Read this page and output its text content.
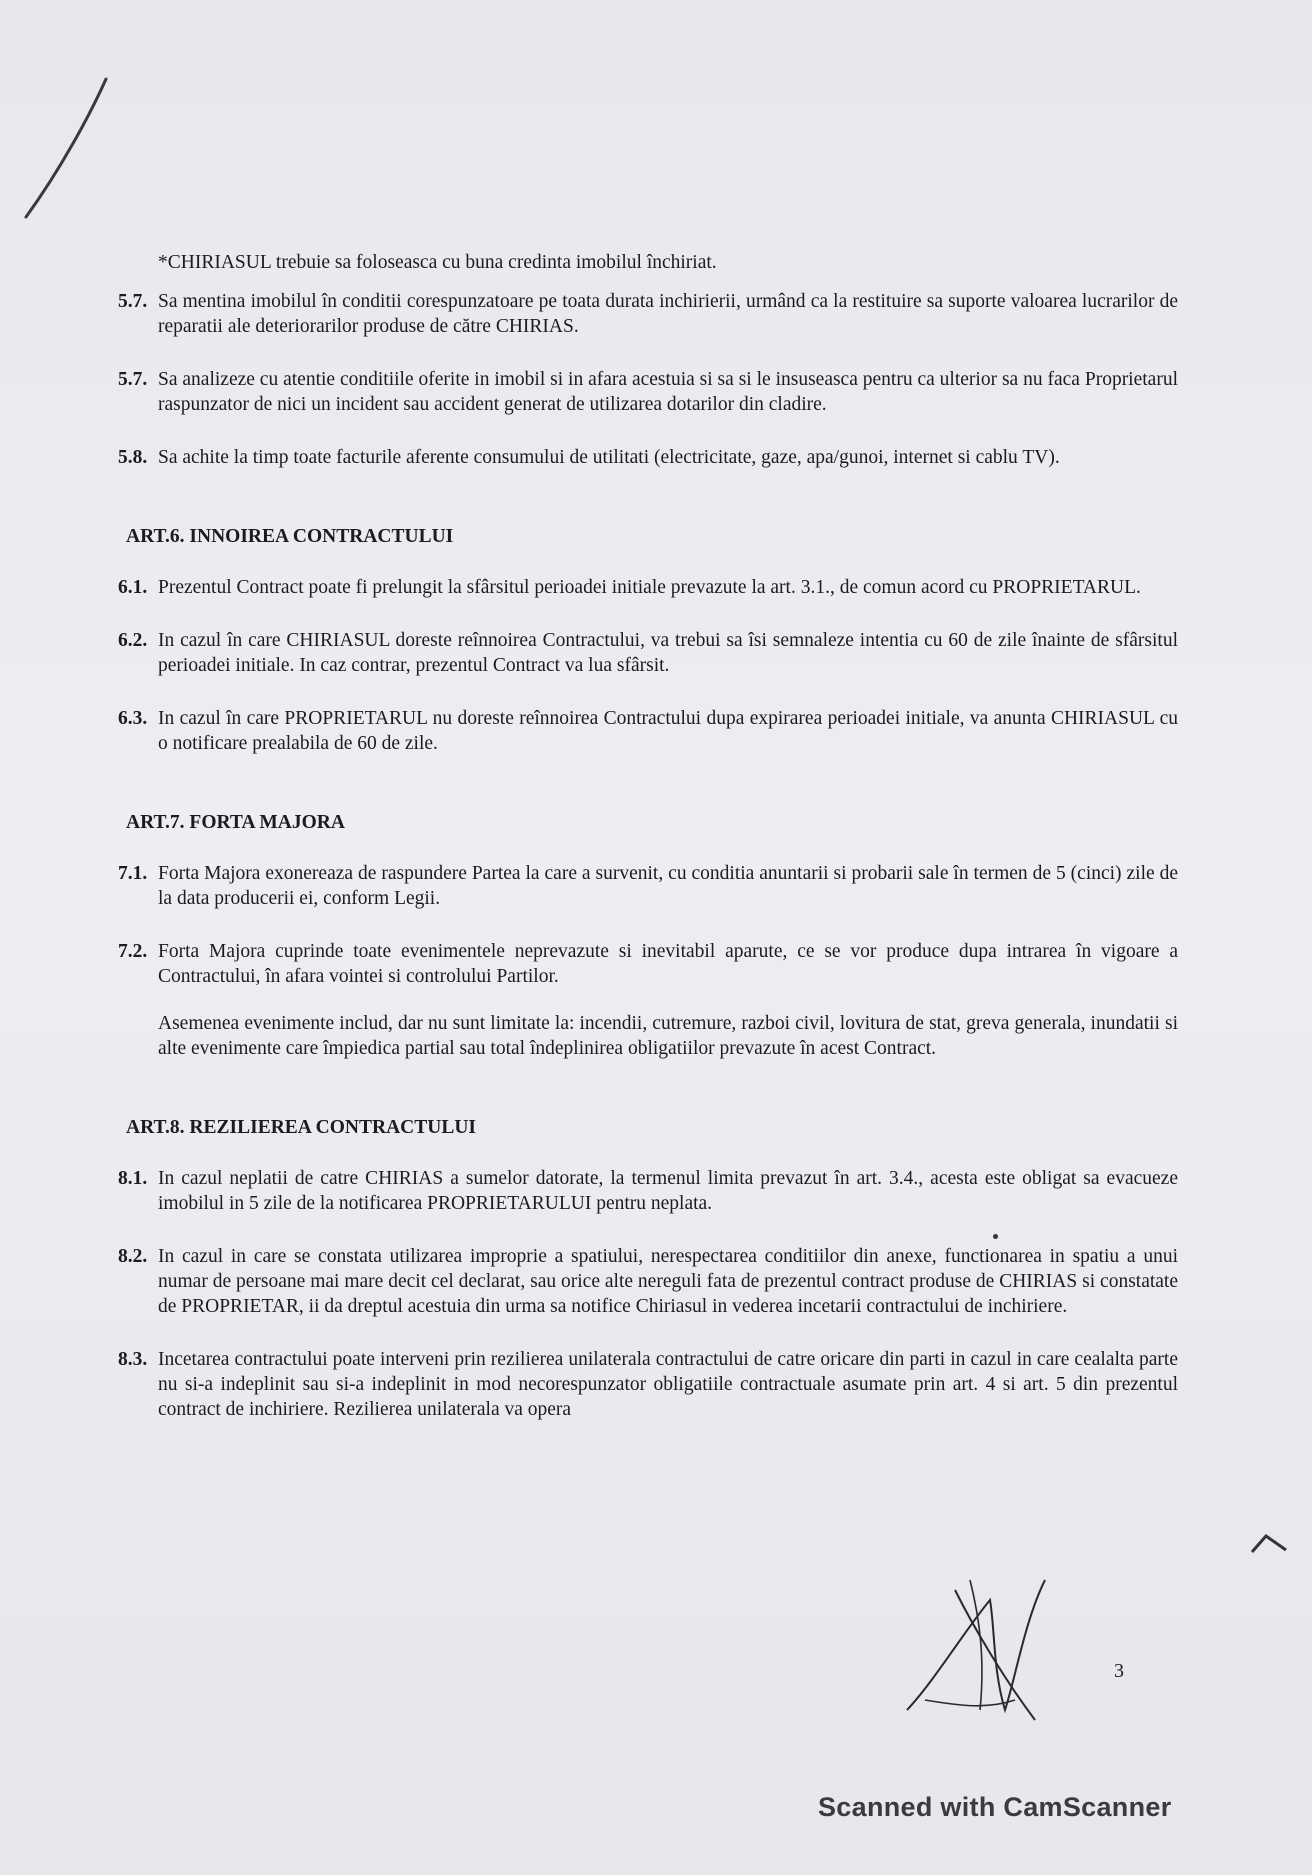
*CHIRIASUL trebuie sa foloseasca cu buna credinta imobilul închiriat.

5.7. Sa mentina imobilul în conditii corespunzatoare pe toata durata inchirierii, urmând ca la restituire sa suporte valoarea lucrarilor de reparatii ale deteriorarilor produse de către CHIRIAS.

5.7. Sa analizeze cu atentie conditiile oferite in imobil si in afara acestuia si sa si le insuseasca pentru ca ulterior sa nu faca Proprietarul raspunzator de nici un incident sau accident generat de utilizarea dotarilor din cladire.

5.8. Sa achite la timp toate facturile aferente consumului de utilitati (electricitate, gaze, apa/gunoi, internet si cablu TV).

ART.6. INNOIREA CONTRACTULUI
6.1. Prezentul Contract poate fi prelungit la sfârsitul perioadei initiale prevazute la art. 3.1., de comun acord cu PROPRIETARUL.

6.2. In cazul în care CHIRIASUL doreste reînnoirea Contractului, va trebui sa îsi semnaleze intentia cu 60 de zile înainte de sfârsitul perioadei initiale. In caz contrar, prezentul Contract va lua sfârsit.

6.3. In cazul în care PROPRIETARUL nu doreste reînnoirea Contractului dupa expirarea perioadei initiale, va anunta CHIRIASUL cu o notificare prealabila de 60 de zile.

ART.7. FORTA MAJORA
7.1. Forta Majora exonereaza de raspundere Partea la care a survenit, cu conditia anuntarii si probarii sale în termen de 5 (cinci) zile de la data producerii ei, conform Legii.

7.2. Forta Majora cuprinde toate evenimentele neprevazute si inevitabil aparute, ce se vor produce dupa intrarea în vigoare a Contractului, în afara vointei si controlului Partilor.

Asemenea evenimente includ, dar nu sunt limitate la: incendii, cutremure, razboi civil, lovitura de stat, greva generala, inundatii si alte evenimente care împiedica partial sau total îndeplinirea obligatiilor prevazute în acest Contract.

ART.8. REZILIEREA CONTRACTULUI
8.1. In cazul neplatii de catre CHIRIAS a sumelor datorate, la termenul limita prevazut în art. 3.4., acesta este obligat sa evacueze imobilul in 5 zile de la notificarea PROPRIETARULUI pentru neplata.

8.2. In cazul in care se constata utilizarea improprie a spatiului, nerespectarea conditiilor din anexe, functionarea in spatiu a unui numar de persoane mai mare decit cel declarat, sau orice alte nereguli fata de prezentul contract produse de CHIRIAS si constatate de PROPRIETAR, ii da dreptul acestuia din urma sa notifice Chiriasul in vederea incetarii contractului de inchiriere.

8.3. Incetarea contractului poate interveni prin rezilierea unilaterala contractului de catre oricare din parti in cazul in care cealalta parte nu si-a indeplinit sau si-a indeplinit in mod necorespunzator obligatiile contractuale asumate prin art. 4 si art. 5 din prezentul contract de inchiriere. Rezilierea unilaterala va opera

3
Scanned with CamScanner
